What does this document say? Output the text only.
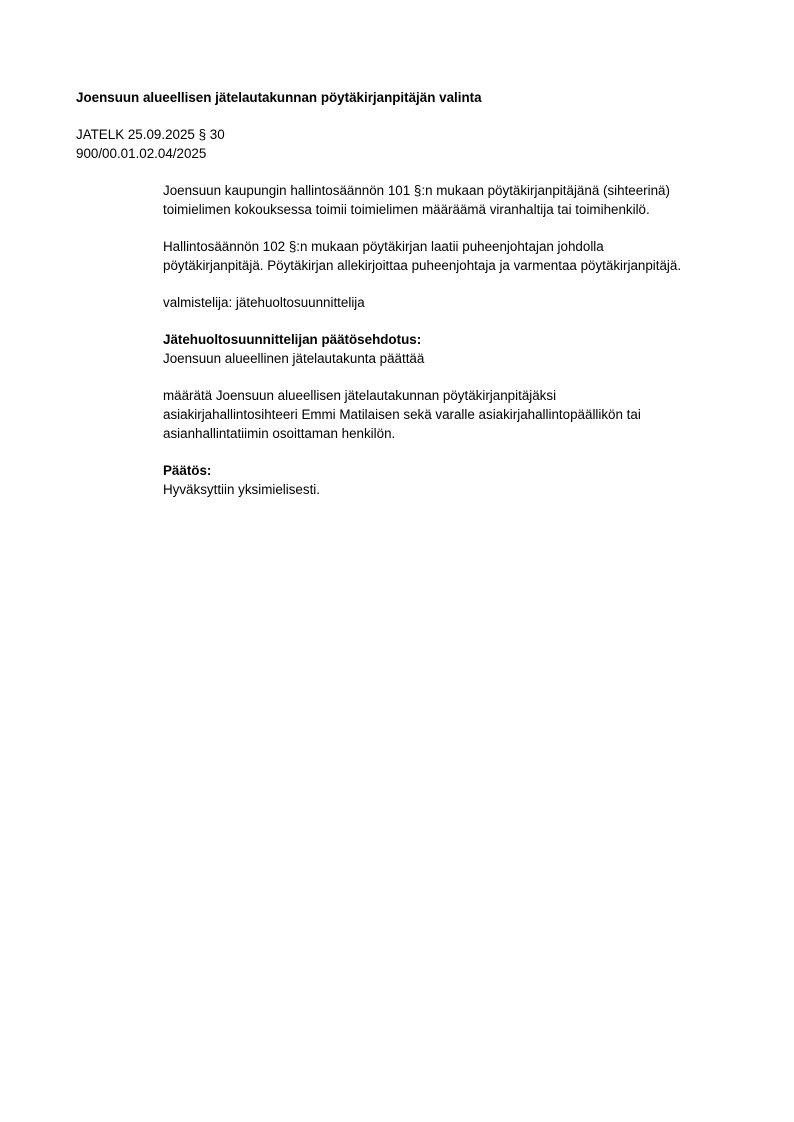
Joensuun alueellisen jätelautakunnan pöytäkirjanpitäjän valinta
JATELK 25.09.2025 § 30
900/00.01.02.04/2025

Joensuun kaupungin hallintosäännön 101 §:n mukaan pöytäkirjanpitäjänä (sihteerinä)
toimielimen kokouksessa toimii toimielimen määräämä viranhaltija tai toimihenkilö.

Hallintosäännön 102 §:n mukaan pöytäkirjan laatii puheenjohtajan johdolla
pöytäkirjanpitäjä. Pöytäkirjan allekirjoittaa puheenjohtaja ja varmentaa pöytäkirjanpitäjä.

valmistelija: jätehuoltosuunnittelija

Jätehuoltosuunnittelijan päätösehdotus:

Joensuun alueellinen jätelautakunta päättää

määrätä Joensuun alueellisen jätelautakunnan pöytäkirjanpitäjäksi
asiakirjahallintosihteeri Emmi Matilaisen sekä varalle asiakirjahallintopäällikön tai
asianhallintatiimin osoittaman henkilön.

Päätös:

Hyväksyttiin yksimielisesti.
